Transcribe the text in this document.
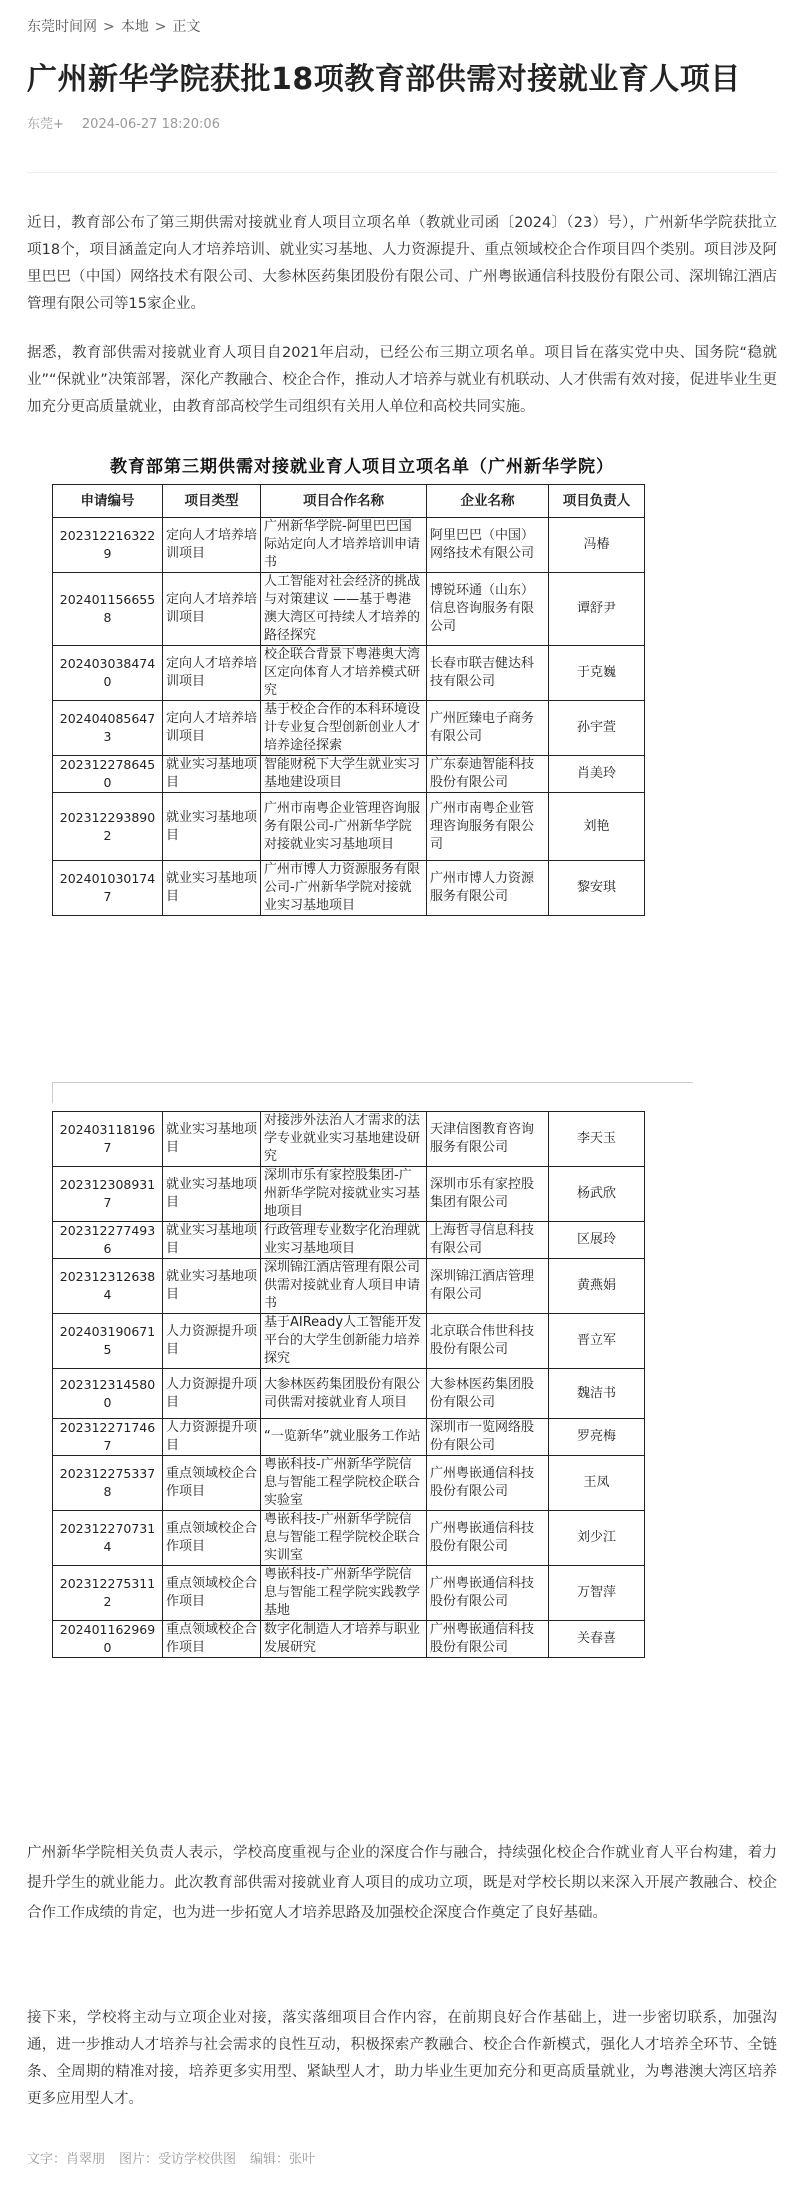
东莞时间网 > 本地 > 正文
广州新华学院获批18项教育部供需对接就业育人项目
东莞+ 2024-06-27 18:20:06

近日，教育部公布了第三期供需对接就业育人项目立项名单（教就业司函〔2024〕（23）号），广州新华学院获批立项18个，项目涵盖定向人才培养培训、就业实习基地、人力资源提升、重点领域校企合作项目四个类别。项目涉及阿里巴巴（中国）网络技术有限公司、大参林医药集团股份有限公司、广州粤嵌通信科技股份有限公司、深圳锦江酒店管理有限公司等15家企业。

据悉，教育部供需对接就业育人项目自2021年启动，已经公布三期立项名单。项目旨在落实党中央、国务院“稳就业”“保就业”决策部署，深化产教融合、校企合作，推动人才培养与就业有机联动、人才供需有效对接，促进毕业生更加充分更高质量就业，由教育部高校学生司组织有关用人单位和高校共同实施。

教育部第三期供需对接就业育人项目立项名单（广州新华学院）
申请编号	项目类型	项目合作名称	企业名称	项目负责人
2023122163229	定向人才培养培训项目	广州新华学院-阿里巴巴国际站定向人才培养培训申请书	阿里巴巴（中国）网络技术有限公司	冯椿
2024011566558	定向人才培养培训项目	人工智能对社会经济的挑战与对策建议 ——基于粤港澳大湾区可持续人才培养的路径探究	博锐环通（山东）信息咨询服务有限公司	谭舒尹
2024030384740	定向人才培养培训项目	校企联合背景下粤港奥大湾区定向体育人才培养模式研究	长春市联吉健达科技有限公司	于克巍
2024040856473	定向人才培养培训项目	基于校企合作的本科环境设计专业复合型创新创业人才培养途径探索	广州匠臻电子商务有限公司	孙宇萱
2023122786450	就业实习基地项目	智能财税下大学生就业实习基地建设项目	广东泰迪智能科技股份有限公司	肖美玲
2023122938902	就业实习基地项目	广州市南粤企业管理咨询服务有限公司-广州新华学院对接就业实习基地项目	广州市南粤企业管理咨询服务有限公司	刘艳
2024010301747	就业实习基地项目	广州市博人力资源服务有限公司-广州新华学院对接就业实习基地项目	广州市博人力资源服务有限公司	黎安琪
2024031181967	就业实习基地项目	对接涉外法治人才需求的法学专业就业实习基地建设研究	天津信图教育咨询服务有限公司	李天玉
2023123089317	就业实习基地项目	深圳市乐有家控股集团-广州新华学院对接就业实习基地项目	深圳市乐有家控股集团有限公司	杨武欣
2023122774936	就业实习基地项目	行政管理专业数字化治理就业实习基地项目	上海哲寻信息科技有限公司	区展玲
2023123126384	就业实习基地项目	深圳锦江酒店管理有限公司 供需对接就业育人项目申请书	深圳锦江酒店管理有限公司	黄燕娟
2024031906715	人力资源提升项目	基于AIReady人工智能开发平台的大学生创新能力培养探究	北京联合伟世科技股份有限公司	晋立军
2023123145800	人力资源提升项目	大参林医药集团股份有限公司供需对接就业育人项目	大参林医药集团股份有限公司	魏洁书
2023122717467	人力资源提升项目	“一览新华”就业服务工作站	深圳市一览网络股份有限公司	罗亮梅
2023122753378	重点领域校企合作项目	粤嵌科技-广州新华学院信息与智能工程学院校企联合实验室	广州粤嵌通信科技股份有限公司	王凤
2023122707314	重点领域校企合作项目	粤嵌科技-广州新华学院信息与智能工程学院校企联合实训室	广州粤嵌通信科技股份有限公司	刘少江
2023122753112	重点领域校企合作项目	粤嵌科技-广州新华学院信息与智能工程学院实践教学基地	广州粤嵌通信科技股份有限公司	万智萍
2024011629690	重点领域校企合作项目	数字化制造人才培养与职业发展研究	广州粤嵌通信科技股份有限公司	关春喜

广州新华学院相关负责人表示，学校高度重视与企业的深度合作与融合，持续强化校企合作就业育人平台构建，着力提升学生的就业能力。此次教育部供需对接就业育人项目的成功立项，既是对学校长期以来深入开展产教融合、校企合作工作成绩的肯定，也为进一步拓宽人才培养思路及加强校企深度合作奠定了良好基础。

接下来，学校将主动与立项企业对接，落实落细项目合作内容，在前期良好合作基础上，进一步密切联系，加强沟通，进一步推动人才培养与社会需求的良性互动，积极探索产教融合、校企合作新模式，强化人才培养全环节、全链条、全周期的精准对接，培养更多实用型、紧缺型人才，助力毕业生更加充分和更高质量就业，为粤港澳大湾区培养更多应用型人才。

文字：肖翠朋 图片：受访学校供图 编辑：张叶
